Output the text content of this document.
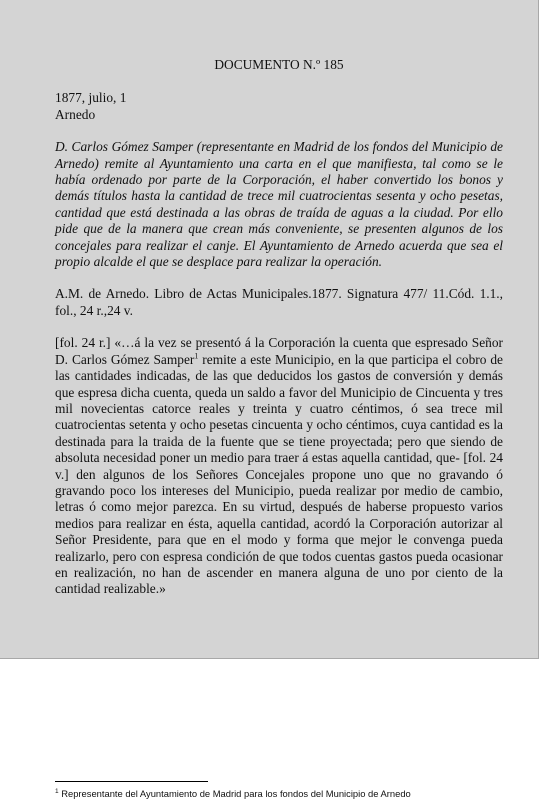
DOCUMENTO N.º 185

1877, julio, 1

Arnedo

D. Carlos Gómez Samper (representante en Madrid de los fondos del Municipio de Arnedo) remite al Ayuntamiento una carta en el que manifiesta, tal como se le había ordenado por parte de la Corporación, el haber convertido los bonos y demás títulos hasta la cantidad de trece mil cuatrocientas sesenta y ocho pesetas, cantidad que está destinada a las obras de traída de aguas a la ciudad. Por ello pide que de la manera que crean más conveniente, se presenten algunos de los concejales para realizar el canje. El Ayuntamiento de Arnedo acuerda que sea el propio alcalde el que se desplace para realizar la operación.

A.M. de Arnedo. Libro de Actas Municipales.1877. Signatura 477/ 11.Cód. 1.1., fol., 24 r.,24 v.

[fol. 24 r.] «…á la vez se presentó á la Corporación la cuenta que espresado Señor D. Carlos Gómez Samper$^1$ remite a este Municipio, en la que participa el cobro de las cantidades indicadas, de las que deducidos los gastos de conversión y demás que espresa dicha cuenta, queda un saldo a favor del Municipio de Cincuenta y tres mil novecientas catorce reales y treinta y cuatro céntimos, ó sea trece mil cuatrocientas setenta y ocho pesetas cincuenta y ocho céntimos, cuya cantidad es la destinada para la traida de la fuente que se tiene proyectada; pero que siendo de absoluta necesidad poner un medio para traer á estas aquella cantidad, que- [fol. 24 v.] den algunos de los Señores Concejales propone uno que no gravando ó gravando poco los intereses del Municipio, pueda realizar por medio de cambio, letras ó como mejor parezca. En su virtud, después de haberse propuesto varios medios para realizar en ésta, aquella cantidad, acordó la Corporación autorizar al Señor Presidente, para que en el modo y forma que mejor le convenga pueda realizarlo, pero con espresa condición de que todos cuentas gastos pueda ocasionar en realización, no han de ascender en manera alguna de uno por ciento de la cantidad realizable.»

$^1$ Representante del Ayuntamiento de Madrid para los fondos del Municipio de Arnedo
